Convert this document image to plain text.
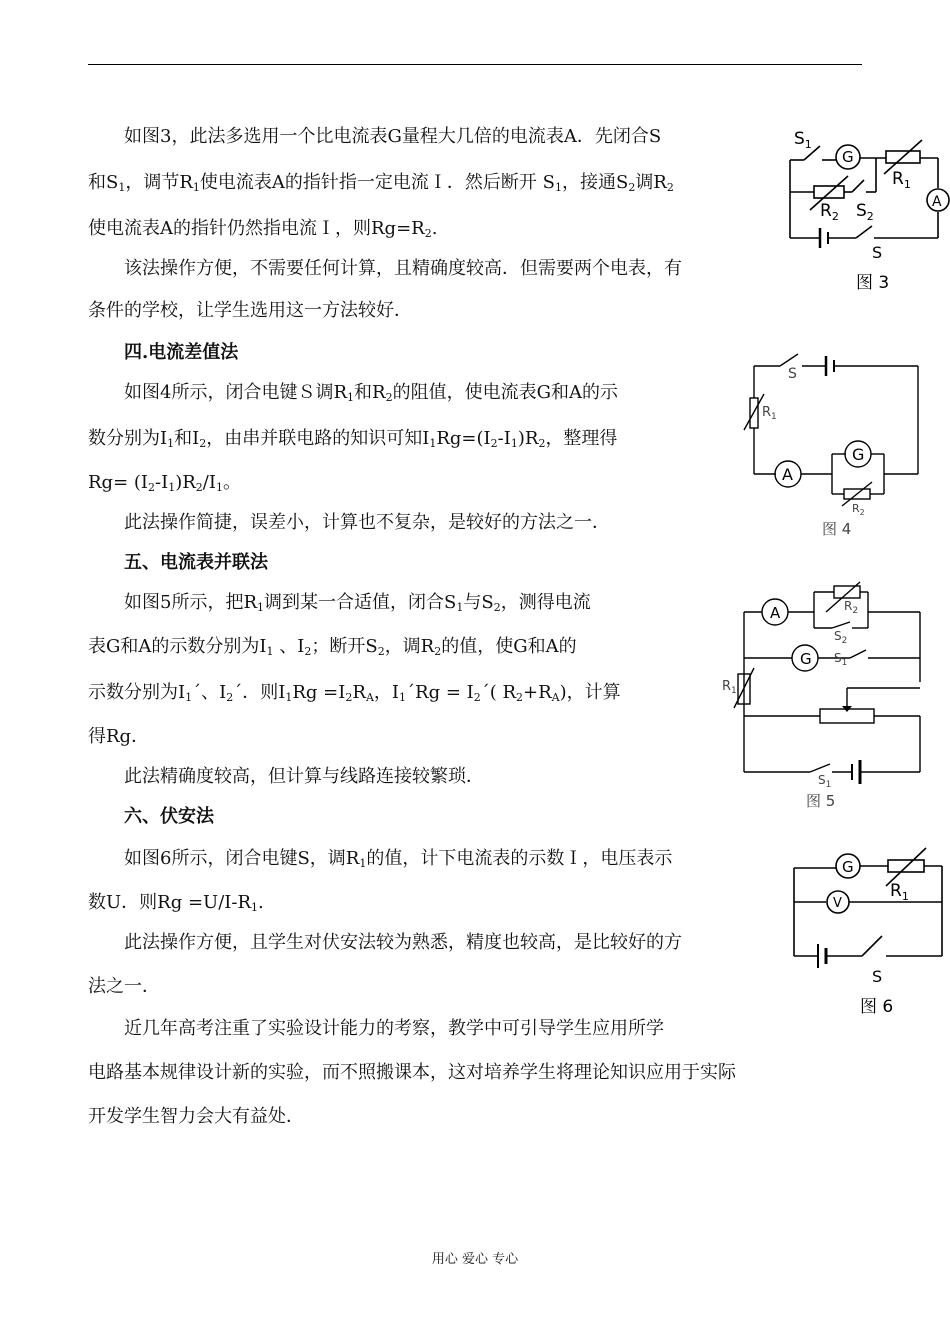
如图3，此法多选用一个比电流表G量程大几倍的电流表A．先闭合S
和$S_1$，调节$R_1$使电流表A的指针指一定电流Ｉ．然后断开 $S_1$，接通$S_2$调$R_2$
使电流表A的指针仍然指电流Ｉ，则$Rg=R_2$.
该法操作方便，不需要任何计算，且精确度较高．但需要两个电表，有
条件的学校，让学生选用这一方法较好．
四.电流差值法
如图4所示，闭合电键Ｓ调$R_1$和$R_2$的阻值，使电流表G和A的示
数分别为$I_1$和$I_2$，由串并联电路的知识可知$I_1Rg=(I_2-I_1)R_2$，整理得
$Rg= (I_2-I_1)R_2/I_1$。
此法操作简捷，误差小，计算也不复杂，是较好的方法之一．
五、电流表并联法
如图5所示，把$R_1$调到某一合适值，闭合$S_1$与$S_2$，测得电流
表G和A的示数分别为$I_1$ 、$I_2$；断开$S_2$，调$R_2$的值，使G和A的
示数分别为$I_1´$、$I_2´$．则$I_1Rg =I_2R_A$，$I_1´Rg$ = $I_2´$( $R_2+R_A$)，计算
得Rg．
此法精确度较高，但计算与线路连接较繁琐．
六、伏安法
如图6所示，闭合电键S，调$R_1$的值，计下电流表的示数Ｉ，电压表示
数U．则$Rg =U/I-R_1$.
此法操作方便，且学生对伏安法较为熟悉，精度也较高，是比较好的方
法之一．
近几年高考注重了实验设计能力的考察，教学中可引导学生应用所学
电路基本规律设计新的实验，而不照搬课本，这对培养学生将理论知识应用于实际
开发学生智力会大有益处．
用心 爱心 专心
$S_1$
G
$R_1$
A
$R_2$ $S_2$
S
图 3
S
$R_1$
G
A
$R_2$
图 4
A	$R_2$
$S_2$
G $S_1$
$R_1$
$S_1$
图 5
G
$R_1$
V
S
图 6
